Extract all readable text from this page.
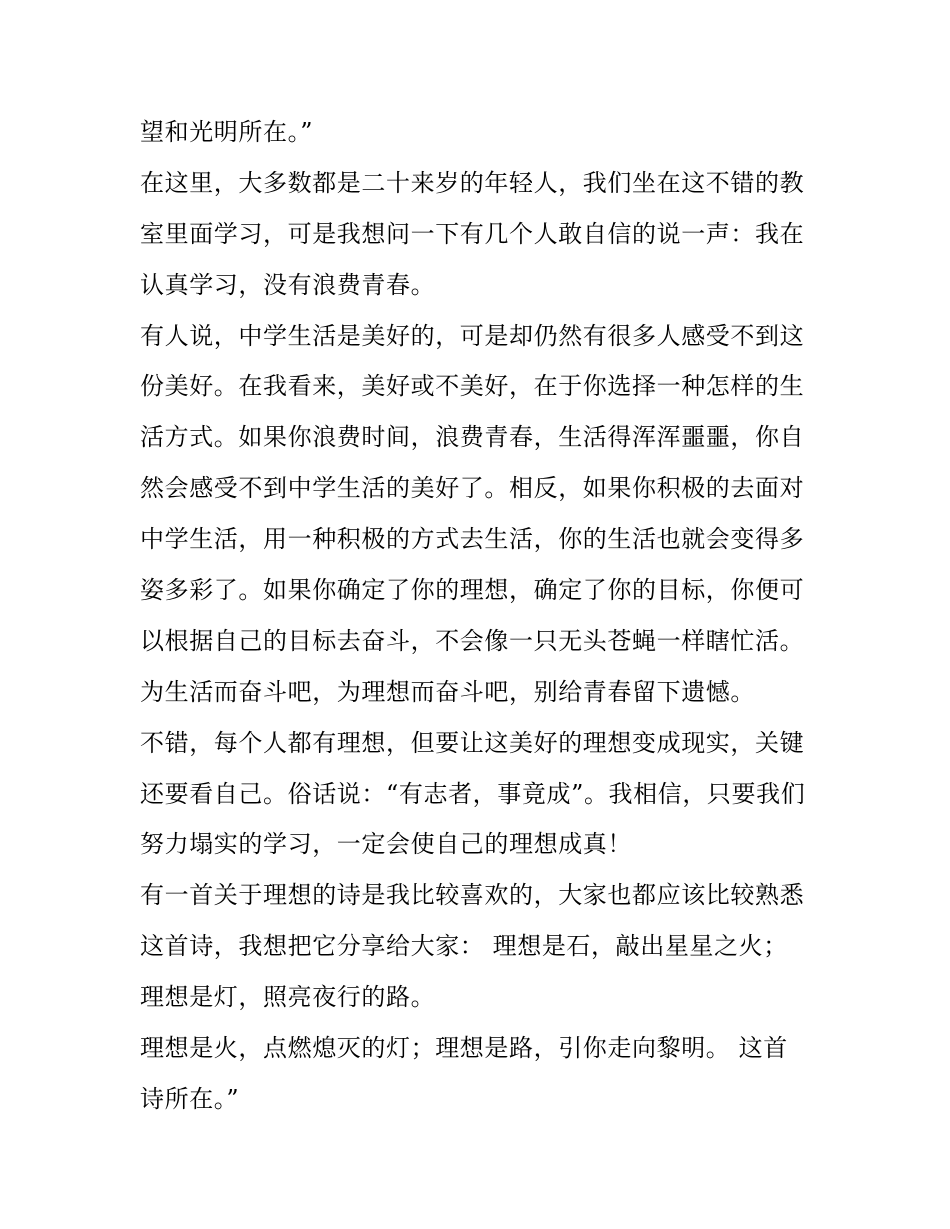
望和光明所在。”
在这里，大多数都是二十来岁的年轻人，我们坐在这不错的教
室里面学习，可是我想问一下有几个人敢自信的说一声：我在
认真学习，没有浪费青春。
有人说，中学生活是美好的，可是却仍然有很多人感受不到这
份美好。在我看来，美好或不美好，在于你选择一种怎样的生
活方式。如果你浪费时间，浪费青春，生活得浑浑噩噩，你自
然会感受不到中学生活的美好了。相反，如果你积极的去面对
中学生活，用一种积极的方式去生活，你的生活也就会变得多
姿多彩了。如果你确定了你的理想，确定了你的目标，你便可
以根据自己的目标去奋斗，不会像一只无头苍蝇一样瞎忙活。
为生活而奋斗吧，为理想而奋斗吧，别给青春留下遗憾。
不错，每个人都有理想，但要让这美好的理想变成现实，关键
还要看自己。俗话说：“有志者，事竟成”。我相信，只要我们
努力塌实的学习，一定会使自己的理想成真！
有一首关于理想的诗是我比较喜欢的，大家也都应该比较熟悉
这首诗，我想把它分享给大家： 理想是石，敲出星星之火；
理想是灯，照亮夜行的路。
理想是火，点燃熄灭的灯；理想是路，引你走向黎明。 这首
诗所在。”
